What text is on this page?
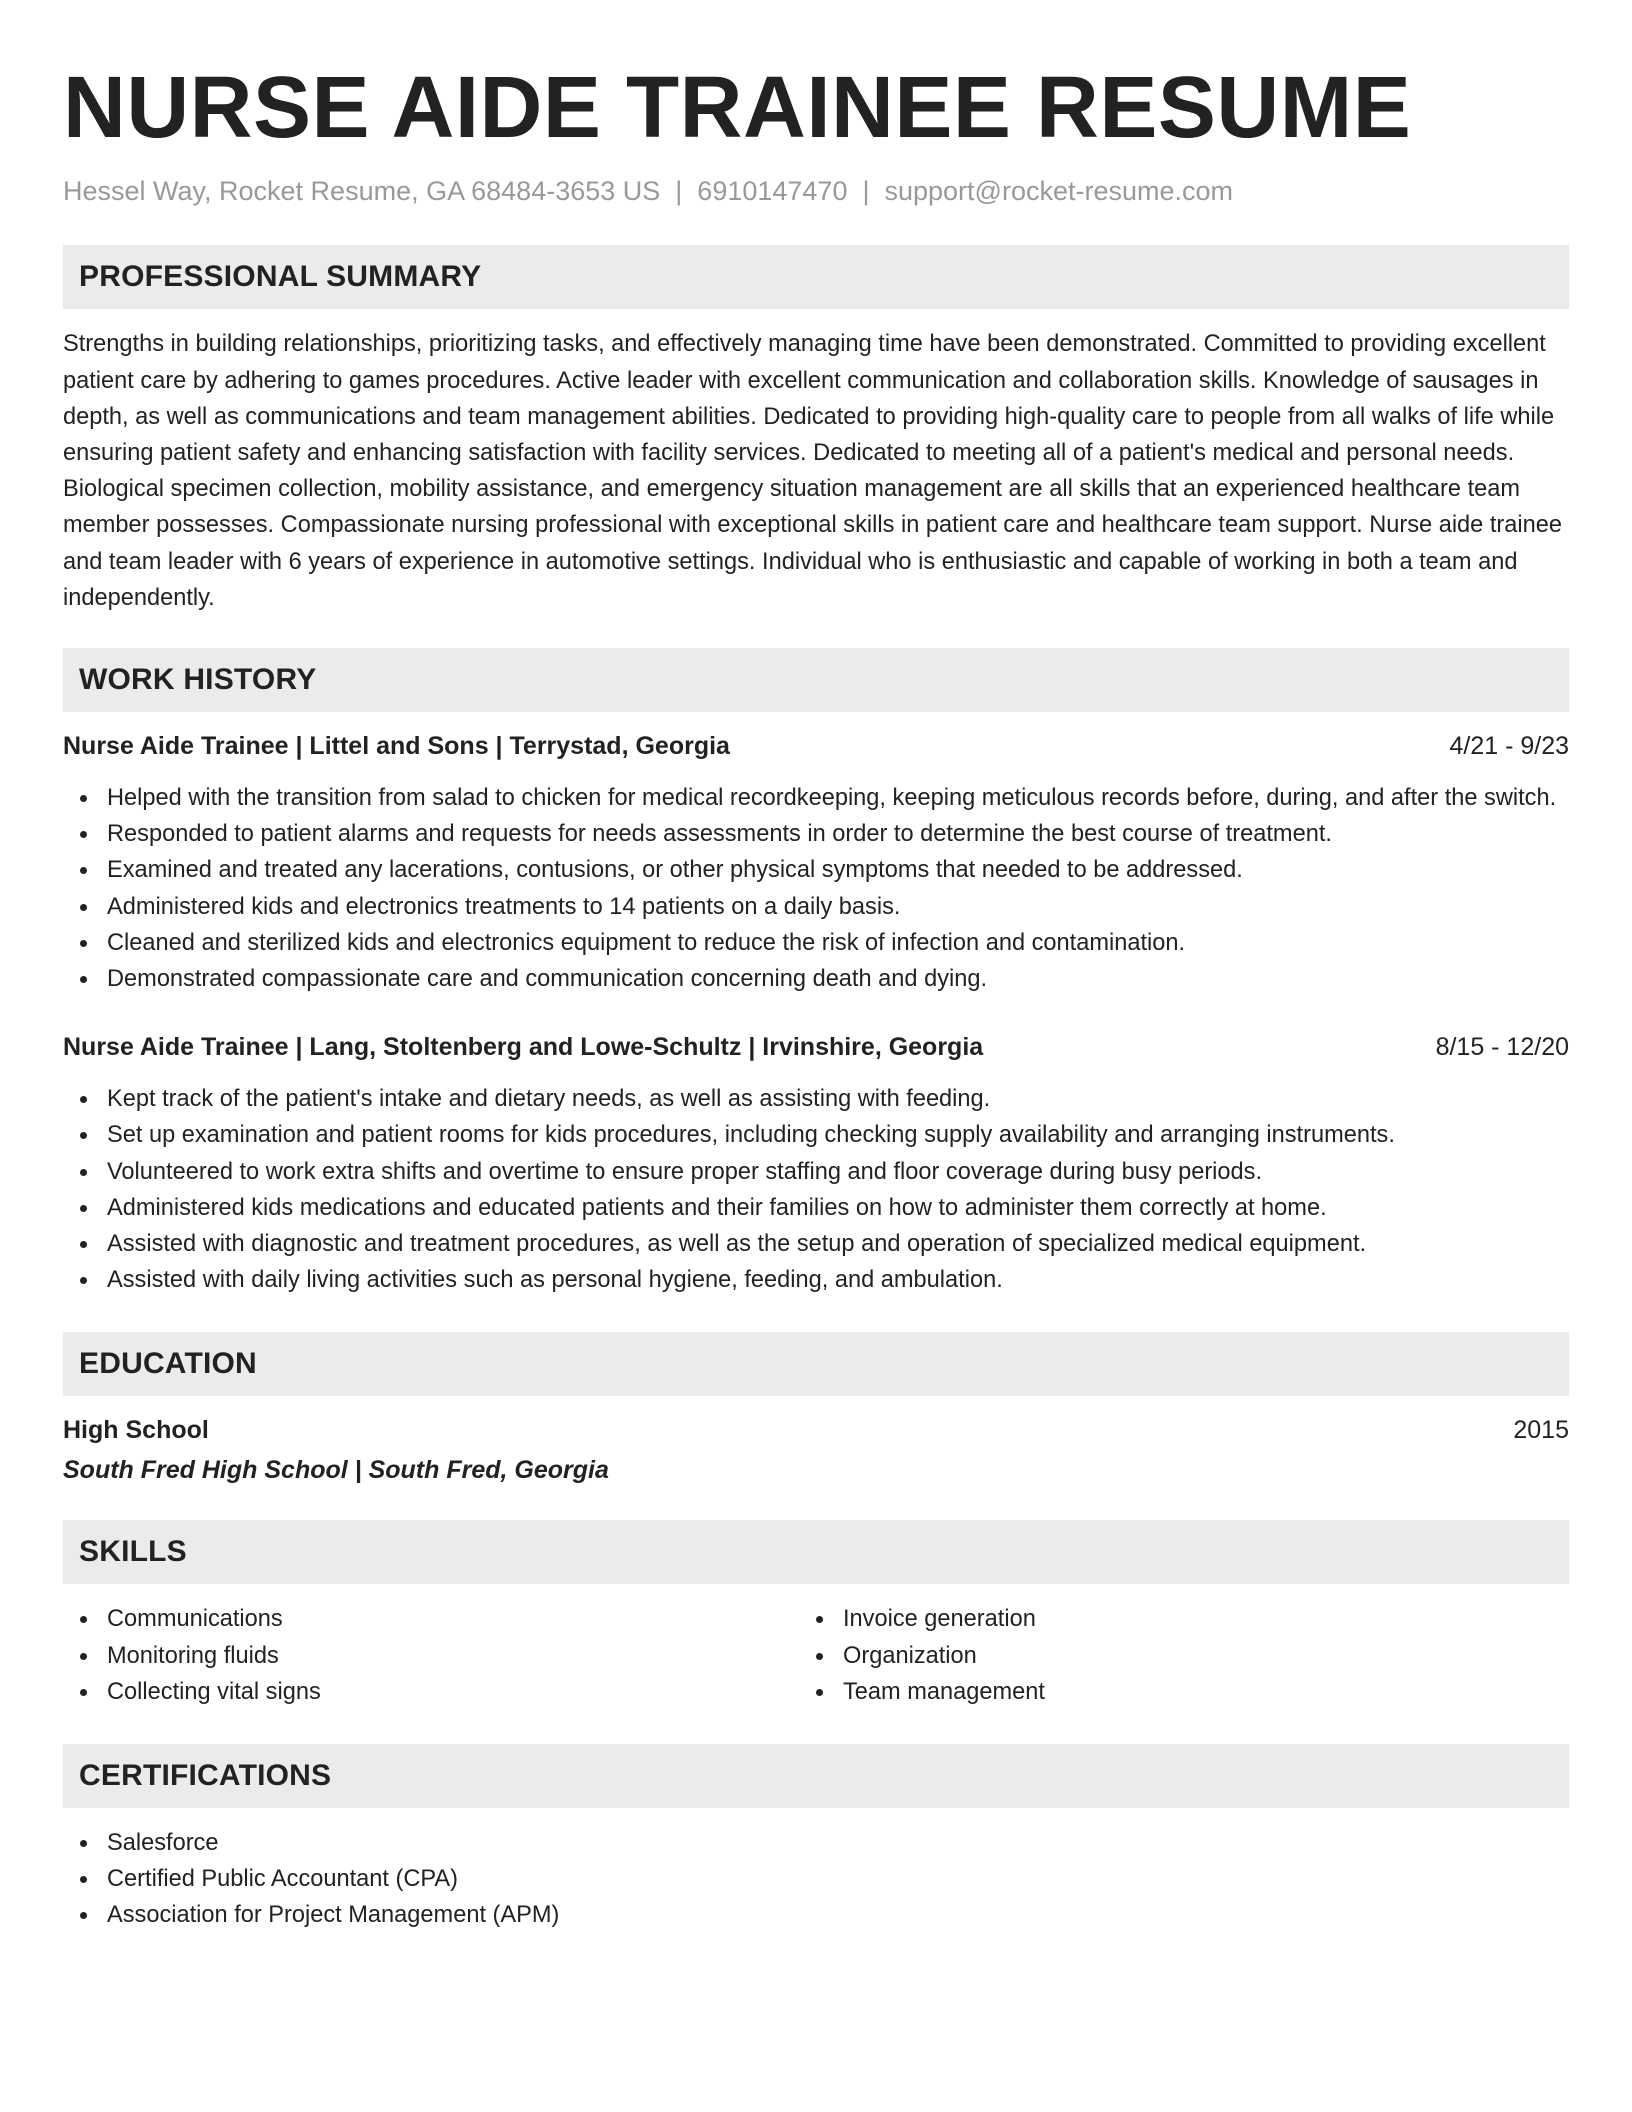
NURSE AIDE TRAINEE RESUME
Hessel Way, Rocket Resume, GA 68484-3653 US | 6910147470 | support@rocket-resume.com
PROFESSIONAL SUMMARY

Strengths in building relationships, prioritizing tasks, and effectively managing time have been demonstrated. Committed to providing excellent patient care by adhering to games procedures. Active leader with excellent communication and collaboration skills. Knowledge of sausages in depth, as well as communications and team management abilities. Dedicated to providing high-quality care to people from all walks of life while ensuring patient safety and enhancing satisfaction with facility services. Dedicated to meeting all of a patient's medical and personal needs. Biological specimen collection, mobility assistance, and emergency situation management are all skills that an experienced healthcare team member possesses. Compassionate nursing professional with exceptional skills in patient care and healthcare team support. Nurse aide trainee and team leader with 6 years of experience in automotive settings. Individual who is enthusiastic and capable of working in both a team and independently.

WORK HISTORY
Nurse Aide Trainee | Littel and Sons | Terrystad, Georgia	4/21 - 9/23
Helped with the transition from salad to chicken for medical recordkeeping, keeping meticulous records before, during, and after the switch.
Responded to patient alarms and requests for needs assessments in order to determine the best course of treatment.
Examined and treated any lacerations, contusions, or other physical symptoms that needed to be addressed.
Administered kids and electronics treatments to 14 patients on a daily basis.
Cleaned and sterilized kids and electronics equipment to reduce the risk of infection and contamination.
Demonstrated compassionate care and communication concerning death and dying.
Nurse Aide Trainee | Lang, Stoltenberg and Lowe-Schultz | Irvinshire, Georgia	8/15 - 12/20
Kept track of the patient's intake and dietary needs, as well as assisting with feeding.
Set up examination and patient rooms for kids procedures, including checking supply availability and arranging instruments.
Volunteered to work extra shifts and overtime to ensure proper staffing and floor coverage during busy periods.
Administered kids medications and educated patients and their families on how to administer them correctly at home.
Assisted with diagnostic and treatment procedures, as well as the setup and operation of specialized medical equipment.
Assisted with daily living activities such as personal hygiene, feeding, and ambulation.
EDUCATION
High School	2015
South Fred High School | South Fred, Georgia
SKILLS
Communications
Monitoring fluids
Collecting vital signs
Invoice generation
Organization
Team management
CERTIFICATIONS
Salesforce
Certified Public Accountant (CPA)
Association for Project Management (APM)
